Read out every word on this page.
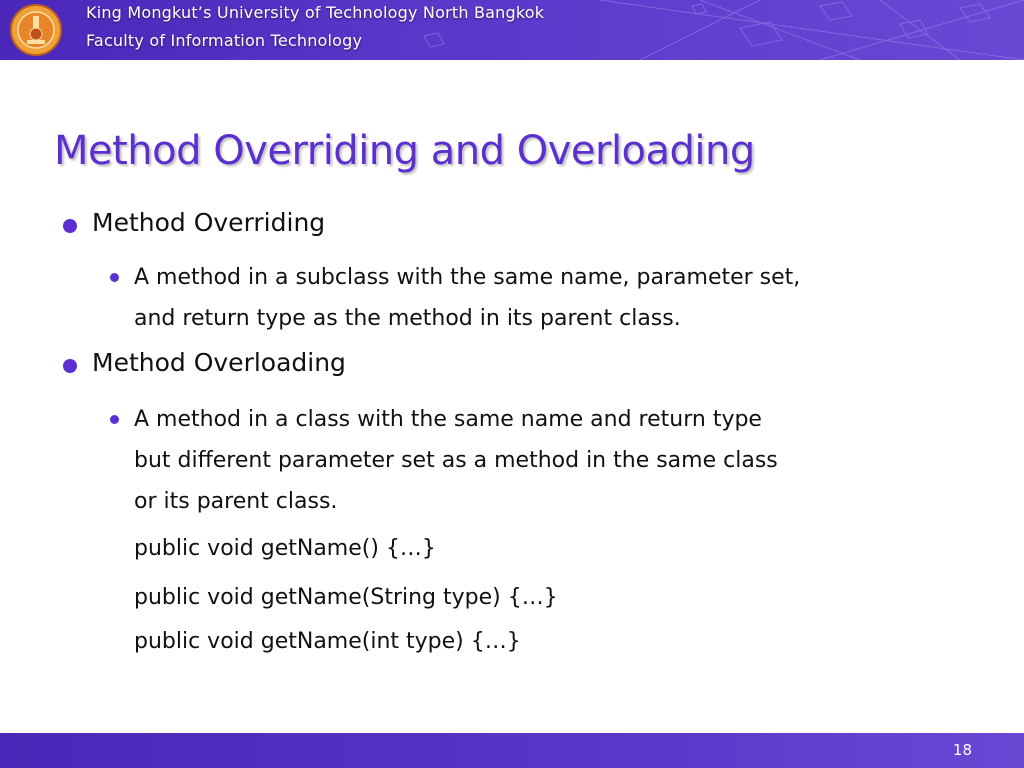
King Mongkut’s University of Technology North Bangkok
Faculty of Information Technology
Method Overriding and Overloading
Method Overriding
A method in a subclass with the same name, parameter set,
and return type as the method in its parent class.
Method Overloading
A method in a class with the same name and return type
but different parameter set as a method in the same class
or its parent class.
public void getName() {…}
public void getName(String type) {…}
public void getName(int type) {…}
18
